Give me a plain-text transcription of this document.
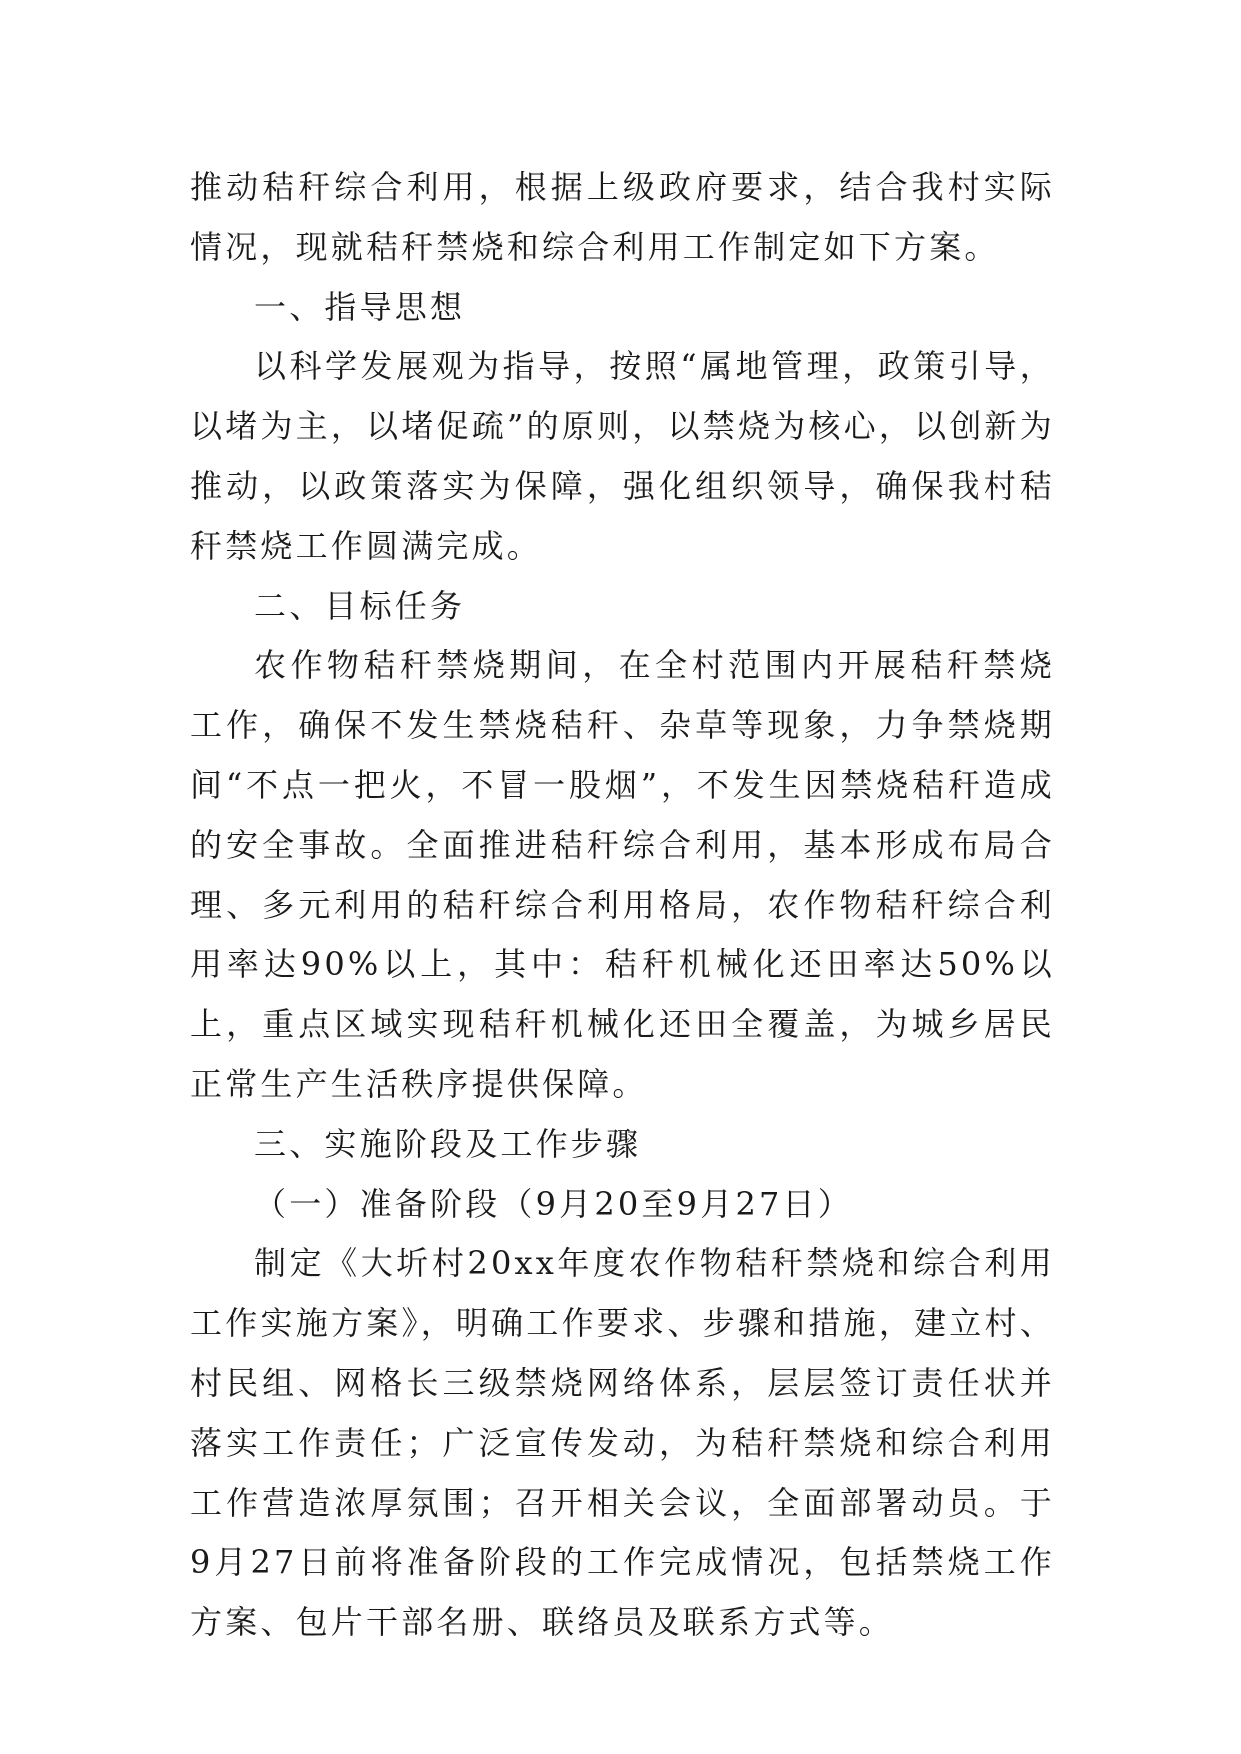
推动秸秆综合利用，根据上级政府要求，结合我村实际情况，现就秸秆禁烧和综合利用工作制定如下方案。

一、指导思想

以科学发展观为指导，按照“属地管理，政策引导，以堵为主，以堵促疏”的原则，以禁烧为核心，以创新为推动，以政策落实为保障，强化组织领导，确保我村秸秆禁烧工作圆满完成。

二、目标任务

农作物秸秆禁烧期间，在全村范围内开展秸秆禁烧工作，确保不发生禁烧秸秆、杂草等现象，力争禁烧期间“不点一把火，不冒一股烟”，不发生因禁烧秸秆造成的安全事故。全面推进秸秆综合利用，基本形成布局合理、多元利用的秸秆综合利用格局，农作物秸秆综合利用率达90%以上，其中：秸秆机械化还田率达50%以上，重点区域实现秸秆机械化还田全覆盖，为城乡居民正常生产生活秩序提供保障。

三、实施阶段及工作步骤

（一）准备阶段（9月20至9月27日）

制定《大圻村20xx年度农作物秸秆禁烧和综合利用工作实施方案》，明确工作要求、步骤和措施，建立村、村民组、网格长三级禁烧网络体系，层层签订责任状并落实工作责任；广泛宣传发动，为秸秆禁烧和综合利用工作营造浓厚氛围；召开相关会议，全面部署动员。于9月27日前将准备阶段的工作完成情况，包括禁烧工作方案、包片干部名册、联络员及联系方式等。
